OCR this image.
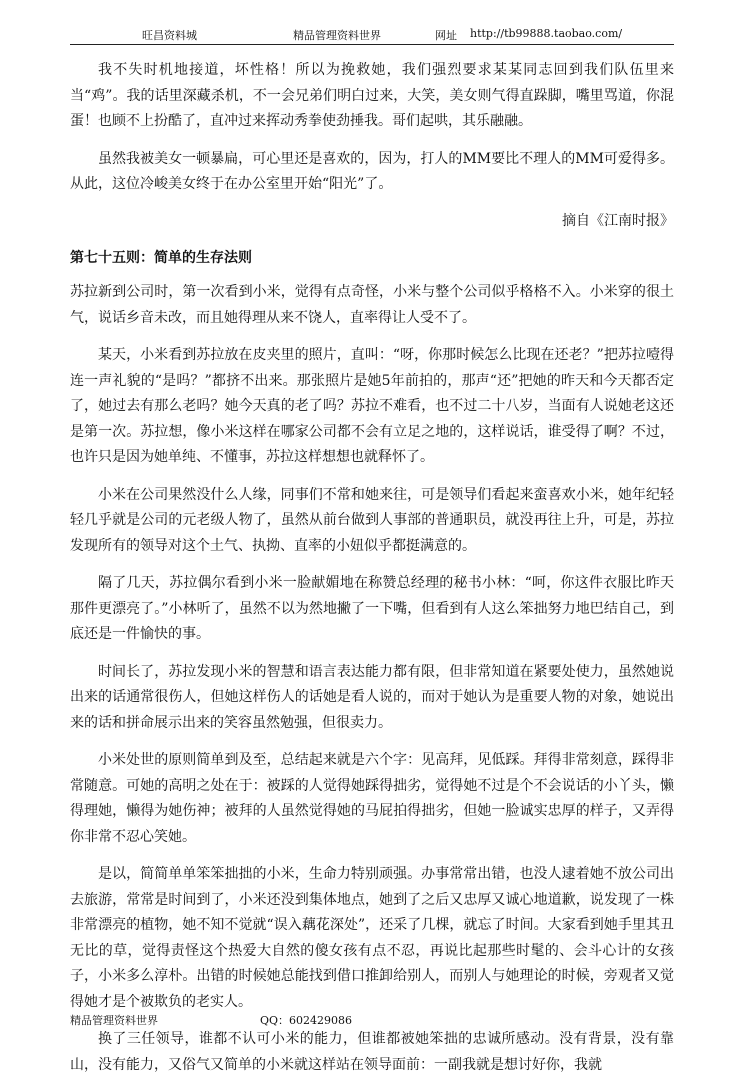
旺昌资料城	精品管理资料世界	网址 http://tb99888.taobao.com/

我不失时机地接道，坏性格！所以为挽救她，我们强烈要求某某同志回到我们队伍里来当“鸡”。我的话里深藏杀机，不一会兄弟们明白过来，大笑，美女则气得直跺脚，嘴里骂道，你混蛋！也顾不上扮酷了，直冲过来挥动秀拳使劲捶我。哥们起哄，其乐融融。

虽然我被美女一顿暴扁，可心里还是喜欢的，因为，打人的MM要比不理人的MM可爱得多。从此，这位冷峻美女终于在办公室里开始“阳光”了。

摘自《江南时报》

第七十五则：简单的生存法则

苏拉新到公司时，第一次看到小米，觉得有点奇怪，小米与整个公司似乎格格不入。小米穿的很土气，说话乡音未改，而且她得理从来不饶人，直率得让人受不了。

某天，小米看到苏拉放在皮夹里的照片，直叫：“呀，你那时候怎么比现在还老？”把苏拉噎得连一声礼貌的“是吗？”都挤不出来。那张照片是她5年前拍的，那声“还”把她的昨天和今天都否定了，她过去有那么老吗？她今天真的老了吗？苏拉不难看，也不过二十八岁，当面有人说她老这还是第一次。苏拉想，像小米这样在哪家公司都不会有立足之地的，这样说话，谁受得了啊？不过，也许只是因为她单纯、不懂事，苏拉这样想想也就释怀了。

小米在公司果然没什么人缘，同事们不常和她来往，可是领导们看起来蛮喜欢小米，她年纪轻轻几乎就是公司的元老级人物了，虽然从前台做到人事部的普通职员，就没再往上升，可是，苏拉发现所有的领导对这个土气、执拗、直率的小妞似乎都挺满意的。

隔了几天，苏拉偶尔看到小米一脸献媚地在称赞总经理的秘书小林：“呵，你这件衣服比昨天那件更漂亮了。”小林听了，虽然不以为然地撇了一下嘴，但看到有人这么笨拙努力地巴结自己，到底还是一件愉快的事。

时间长了，苏拉发现小米的智慧和语言表达能力都有限，但非常知道在紧要处使力，虽然她说出来的话通常很伤人，但她这样伤人的话她是看人说的，而对于她认为是重要人物的对象，她说出来的话和拼命展示出来的笑容虽然勉强，但很卖力。

小米处世的原则简单到及至，总结起来就是六个字：见高拜，见低踩。拜得非常刻意，踩得非常随意。可她的高明之处在于：被踩的人觉得她踩得拙劣，觉得她不过是个不会说话的小丫头，懒得理她，懒得为她伤神；被拜的人虽然觉得她的马屁拍得拙劣，但她一脸诚实忠厚的样子，又弄得你非常不忍心笑她。

是以，简简单单笨笨拙拙的小米，生命力特别顽强。办事常常出错，也没人逮着她不放公司出去旅游，常常是时间到了，小米还没到集体地点，她到了之后又忠厚又诚心地道歉，说发现了一株非常漂亮的植物，她不知不觉就“误入藕花深处”，还采了几棵，就忘了时间。大家看到她手里其丑无比的草，觉得责怪这个热爱大自然的傻女孩有点不忍，再说比起那些时髦的、会斗心计的女孩子，小米多么淳朴。出错的时候她总能找到借口推卸给别人，而别人与她理论的时候，旁观者又觉得她才是个被欺负的老实人。

换了三任领导，谁都不认可小米的能力，但谁都被她笨拙的忠诚所感动。没有背景，没有靠山，没有能力，又俗气又简单的小米就这样站在领导面前：一副我就是想讨好你，我就

精品管理资料世界	QQ：602429086
